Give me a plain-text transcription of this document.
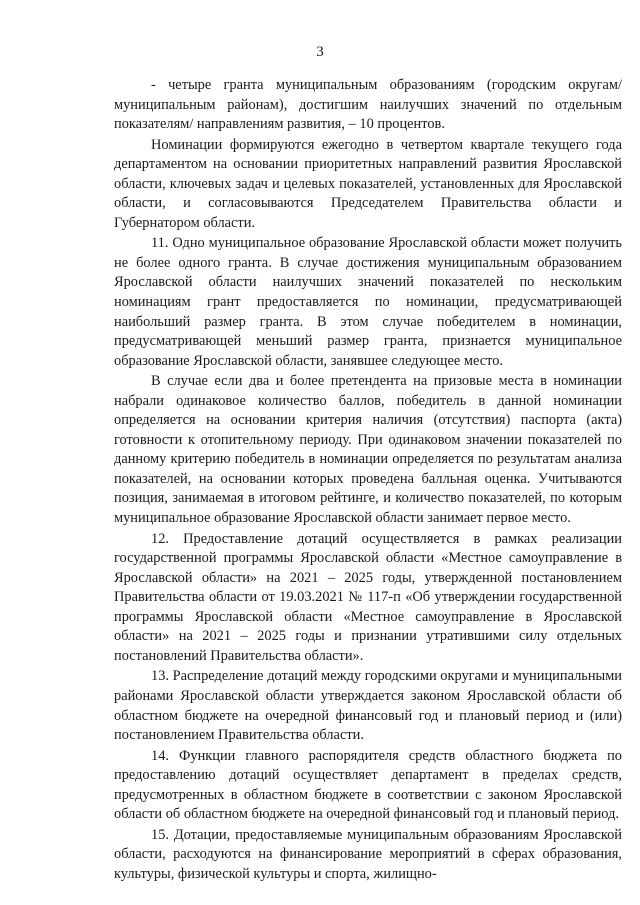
3

- четыре гранта муниципальным образованиям (городским округам/ муниципальным районам), достигшим наилучших значений по отдельным показателям/ направлениям развития, – 10 процентов.

Номинации формируются ежегодно в четвертом квартале текущего года департаментом на основании приоритетных направлений развития Ярославской области, ключевых задач и целевых показателей, установленных для Ярославской области, и согласовываются Председателем Правительства области и Губернатором области.

11. Одно муниципальное образование Ярославской области может получить не более одного гранта. В случае достижения муниципальным образованием Ярославской области наилучших значений показателей по нескольким номинациям грант предоставляется по номинации, предусматривающей наибольший размер гранта. В этом случае победителем в номинации, предусматривающей меньший размер гранта, признается муниципальное образование Ярославской области, занявшее следующее место.

В случае если два и более претендента на призовые места в номинации набрали одинаковое количество баллов, победитель в данной номинации определяется на основании критерия наличия (отсутствия) паспорта (акта) готовности к отопительному периоду. При одинаковом значении показателей по данному критерию победитель в номинации определяется по результатам анализа показателей, на основании которых проведена балльная оценка. Учитываются позиция, занимаемая в итоговом рейтинге, и количество показателей, по которым муниципальное образование Ярославской области занимает первое место.

12. Предоставление дотаций осуществляется в рамках реализации государственной программы Ярославской области «Местное самоуправление в Ярославской области» на 2021 – 2025 годы, утвержденной постановлением Правительства области от 19.03.2021 № 117-п «Об утверждении государственной программы Ярославской области «Местное самоуправление в Ярославской области» на 2021 – 2025 годы и признании утратившими силу отдельных постановлений Правительства области».

13. Распределение дотаций между городскими округами и муниципальными районами Ярославской области утверждается законом Ярославской области об областном бюджете на очередной финансовый год и плановый период и (или) постановлением Правительства области.

14. Функции главного распорядителя средств областного бюджета по предоставлению дотаций осуществляет департамент в пределах средств, предусмотренных в областном бюджете в соответствии с законом Ярославской области об областном бюджете на очередной финансовый год и плановый период.

15. Дотации, предоставляемые муниципальным образованиям Ярославской области, расходуются на финансирование мероприятий в сферах образования, культуры, физической культуры и спорта, жилищно-
